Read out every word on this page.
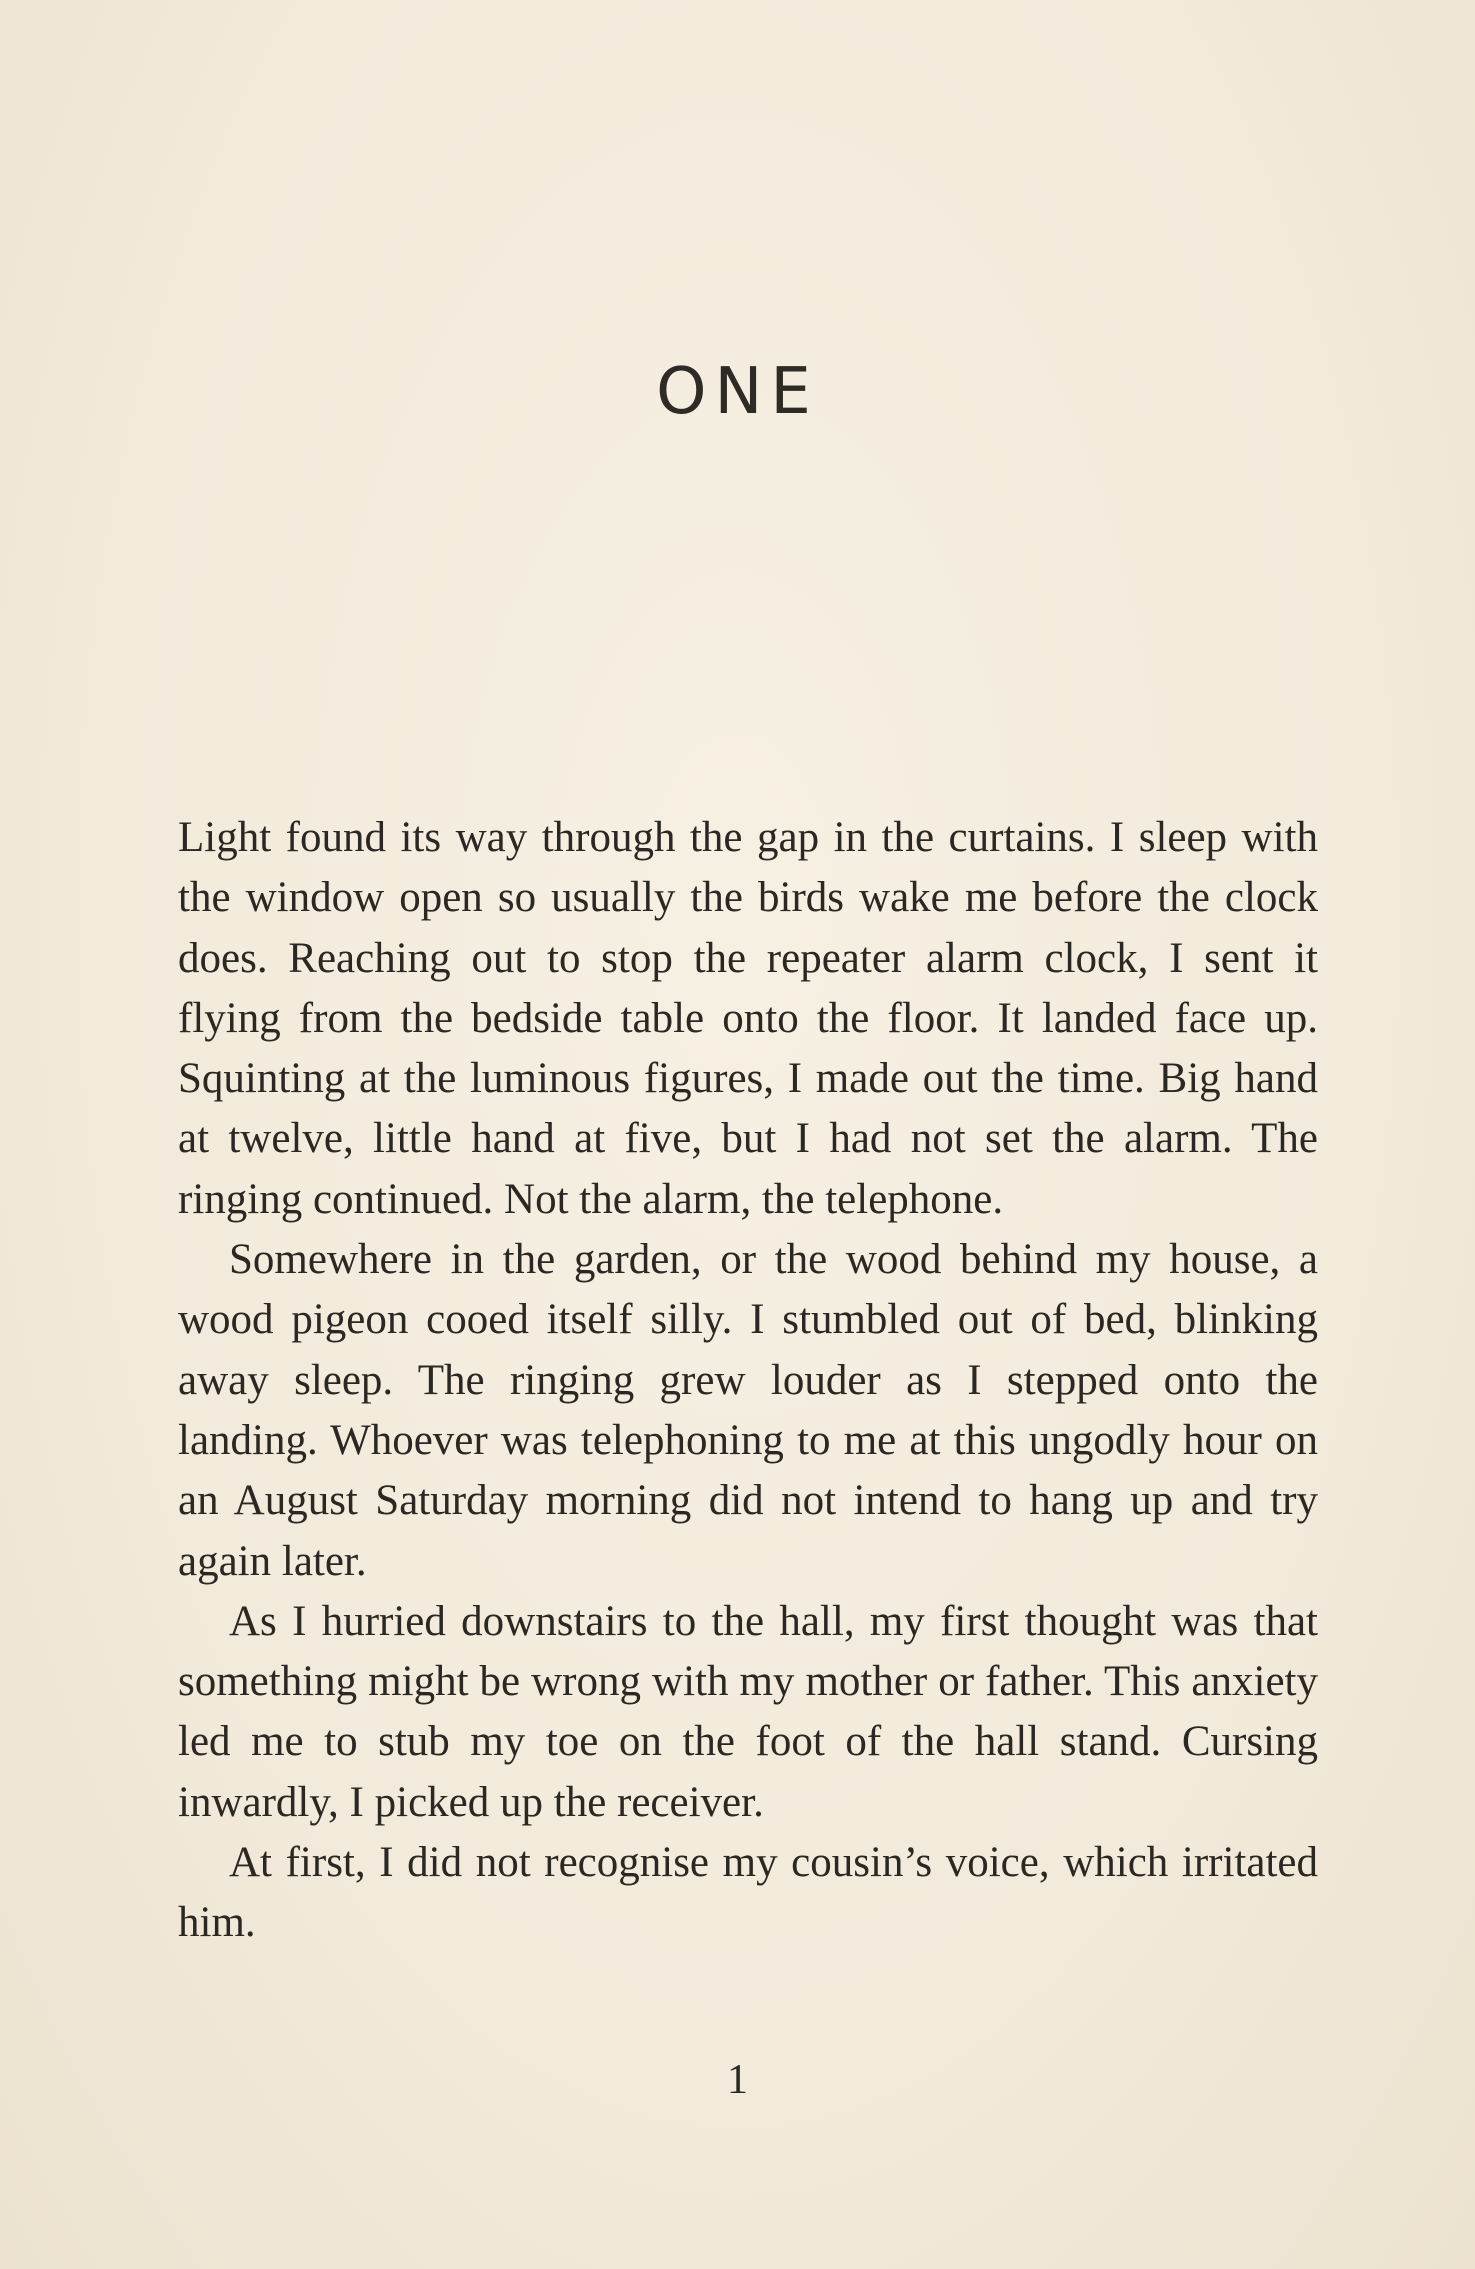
ONE

Light found its way through the gap in the curtains. I sleep with the window open so usually the birds wake me before the clock does. Reaching out to stop the repeater alarm clock, I sent it flying from the bedside table onto the floor. It landed face up. Squinting at the luminous figures, I made out the time. Big hand at twelve, little hand at five, but I had not set the alarm. The ringing continued. Not the alarm, the telephone.

Somewhere in the garden, or the wood behind my house, a wood pigeon cooed itself silly. I stumbled out of bed, blinking away sleep. The ringing grew louder as I stepped onto the landing. Whoever was telephoning to me at this ungodly hour on an August Saturday morning did not intend to hang up and try again later.

As I hurried downstairs to the hall, my first thought was that something might be wrong with my mother or father. This anxiety led me to stub my toe on the foot of the hall stand. Cursing inwardly, I picked up the receiver.

At first, I did not recognise my cousin’s voice, which irritated him.

1
